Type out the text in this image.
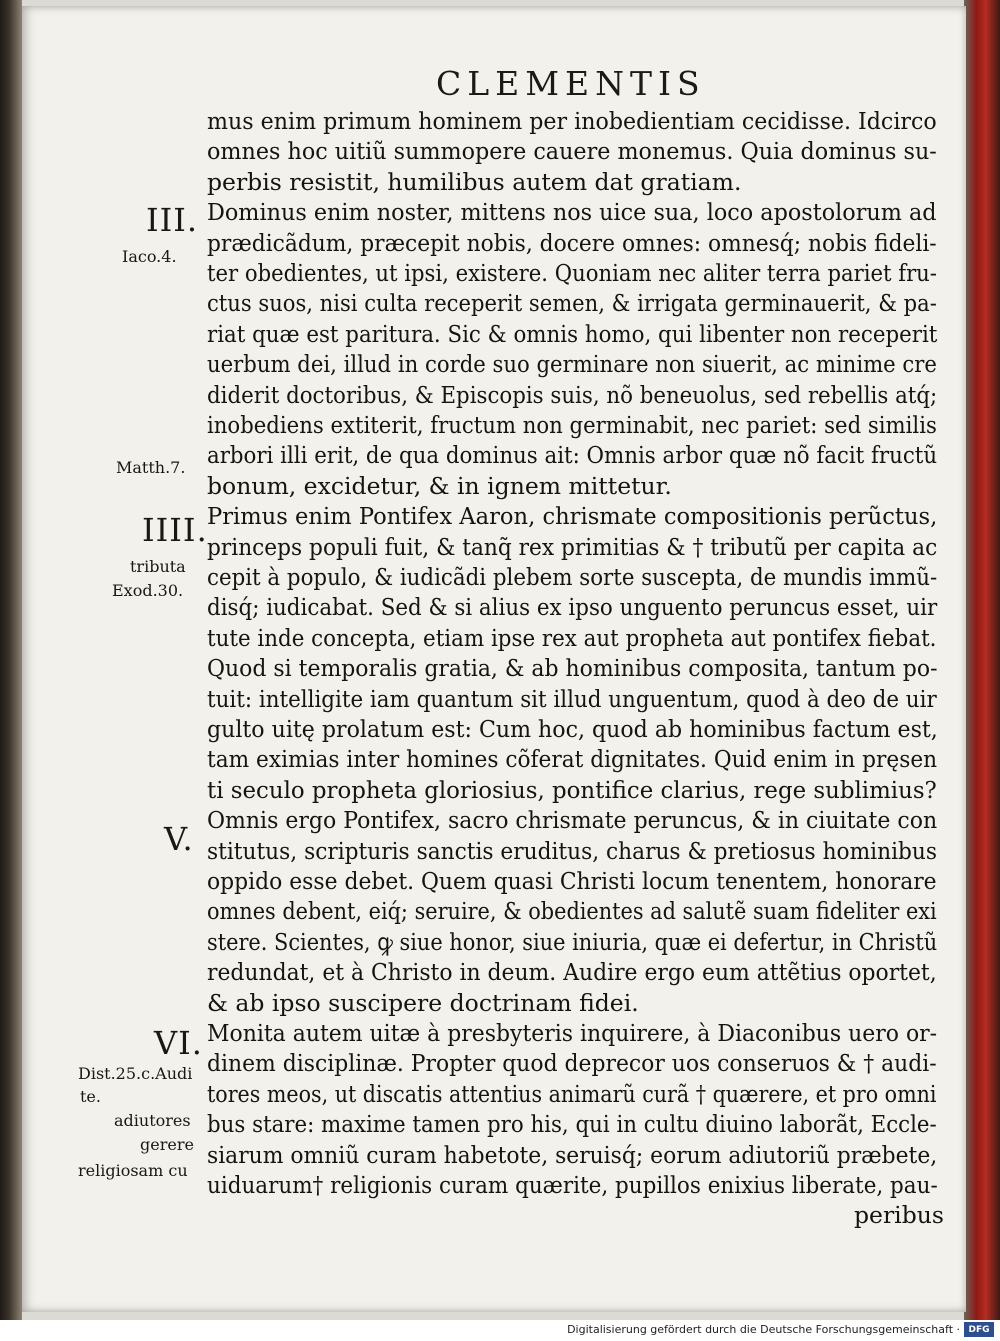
CLEMENTIS
mus enim primum hominem per inobedientiam cecidisse. Idcirco
omnes hoc uitiũ summopere cauere monemus. Quia dominus su-
perbis resistit, humilibus autem dat gratiam.
Dominus enim noster, mittens nos uice sua, loco apostolorum ad
prædicãdum, præcepit nobis, docere omnes: omnesq́; nobis fideli-
ter obedientes, ut ipsi, existere. Quoniam nec aliter terra pariet fru-
ctus suos, nisi culta receperit semen, & irrigata germinauerit, & pa-
riat quæ est paritura. Sic & omnis homo, qui libenter non receperit
uerbum dei, illud in corde suo germinare non siuerit, ac minime cre
diderit doctoribus, & Episcopis suis, nõ beneuolus, sed rebellis atq́;
inobediens extiterit, fructum non germinabit, nec pariet: sed similis
arbori illi erit, de qua dominus ait: Omnis arbor quæ nõ facit fructũ
bonum, excidetur, & in ignem mittetur.
Primus enim Pontifex Aaron, chrismate compositionis perũctus,
princeps populi fuit, & tanq̃ rex primitias & † tributũ per capita ac
cepit à populo, & iudicãdi plebem sorte suscepta, de mundis immũ-
disq́; iudicabat. Sed & si alius ex ipso unguento peruncus esset, uir
tute inde concepta, etiam ipse rex aut propheta aut pontifex fiebat.
Quod si temporalis gratia, & ab hominibus composita, tantum po-
tuit: intelligite iam quantum sit illud unguentum, quod à deo de uir
gulto uitę prolatum est: Cum hoc, quod ab hominibus factum est,
tam eximias inter homines cõferat dignitates. Quid enim in pręsen
ti seculo propheta gloriosius, pontifice clarius, rege sublimius?
Omnis ergo Pontifex, sacro chrismate peruncus, & in ciuitate con
stitutus, scripturis sanctis eruditus, charus & pretiosus hominibus
oppido esse debet. Quem quasi Christi locum tenentem, honorare
omnes debent, eiq́; seruire, & obedientes ad salutẽ suam fideliter exi
stere. Scientes, ꝙ siue honor, siue iniuria, quæ ei defertur, in Christũ
redundat, et à Christo in deum. Audire ergo eum attẽtius oportet,
& ab ipso suscipere doctrinam fidei.
Monita autem uitæ à presbyteris inquirere, à Diaconibus uero or-
dinem disciplinæ. Propter quod deprecor uos conseruos & † audi-
tores meos, ut discatis attentius animarũ curã † quærere, et pro omni
bus stare: maxime tamen pro his, qui in cultu diuino laborãt, Eccle-
siarum omniũ curam habetote, seruisq́; eorum adiutoriũ præbete,
uiduarum† religionis curam quærite, pupillos enixius liberate, pau-
peribus
III.
Iaco.4.
Matth.7.
IIII.
tributa
Exod.30.
V.
VI.
Dist.25.c.Audi
te.
adiutores
gerere
religiosam cu
Digitalisierung gefördert durch die Deutsche Forschungsgemeinschaft · DFG
